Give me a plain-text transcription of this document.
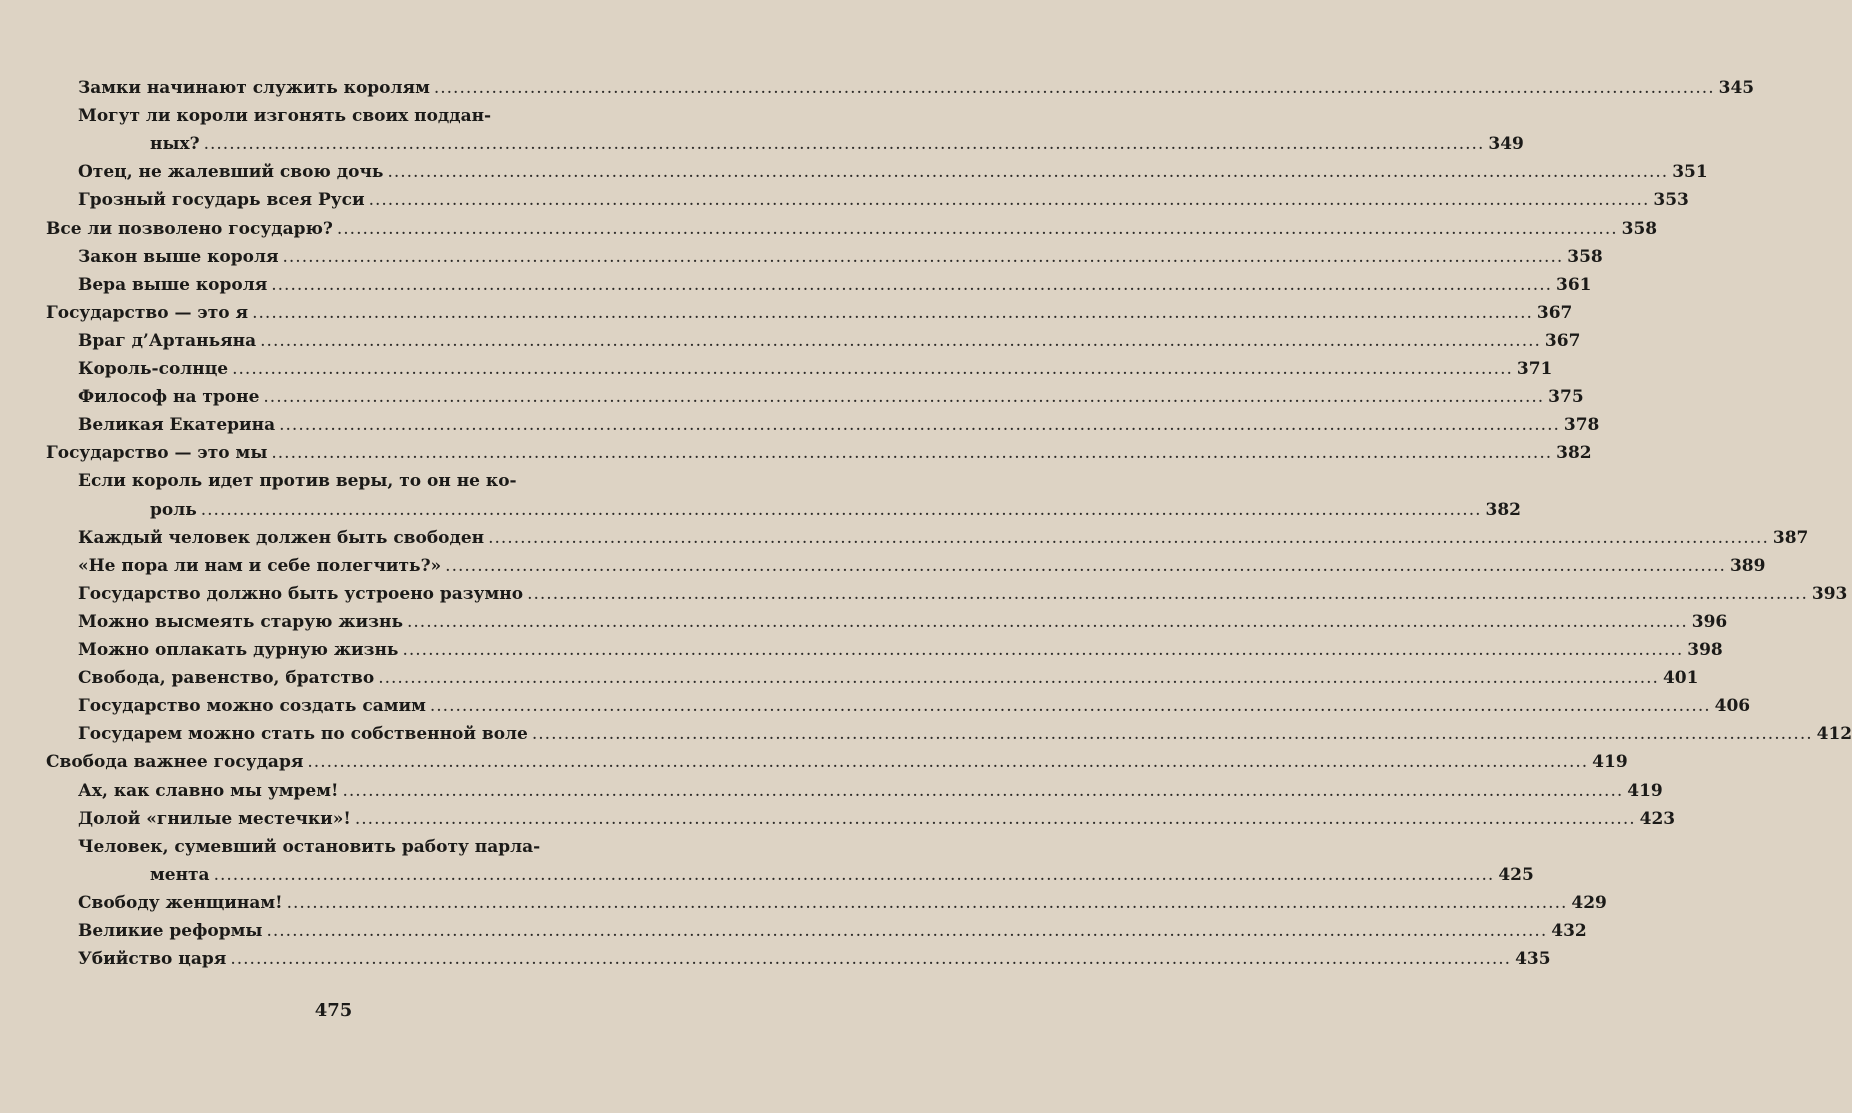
Замки начинают служить королям ........................................................................................................................................................................................................ 345
Могут ли короли изгонять своих поддан-
ных? ........................................................................................................................................................................................................ 349
Отец, не жалевший свою дочь ........................................................................................................................................................................................................ 351
Грозный государь всея Руси ........................................................................................................................................................................................................ 353
Все ли позволено государю? ........................................................................................................................................................................................................ 358
Закон выше короля ........................................................................................................................................................................................................ 358
Вера выше короля ........................................................................................................................................................................................................ 361
Государство — это я ........................................................................................................................................................................................................ 367
Враг д’Артаньяна ........................................................................................................................................................................................................ 367
Король-солнце ........................................................................................................................................................................................................ 371
Философ на троне ........................................................................................................................................................................................................ 375
Великая Екатерина ........................................................................................................................................................................................................ 378
Государство — это мы ........................................................................................................................................................................................................ 382
Если король идет против веры, то он не ко-
роль ........................................................................................................................................................................................................ 382
Каждый человек должен быть свободен ........................................................................................................................................................................................................ 387
«Не пора ли нам и себе полегчить?» ........................................................................................................................................................................................................ 389
Государство должно быть устроено разумно ........................................................................................................................................................................................................ 393
Можно высмеять старую жизнь ........................................................................................................................................................................................................ 396
Можно оплакать дурную жизнь ........................................................................................................................................................................................................ 398
Свобода, равенство, братство ........................................................................................................................................................................................................ 401
Государство можно создать самим ........................................................................................................................................................................................................ 406
Государем можно стать по собственной воле ........................................................................................................................................................................................................ 412
Свобода важнее государя ........................................................................................................................................................................................................ 419
Ах, как славно мы умрем! ........................................................................................................................................................................................................ 419
Долой «гнилые местечки»! ........................................................................................................................................................................................................ 423
Человек, сумевший остановить работу парла-
мента ........................................................................................................................................................................................................ 425
Свободу женщинам! ........................................................................................................................................................................................................ 429
Великие реформы ........................................................................................................................................................................................................ 432
Убийство царя ........................................................................................................................................................................................................ 435
475
